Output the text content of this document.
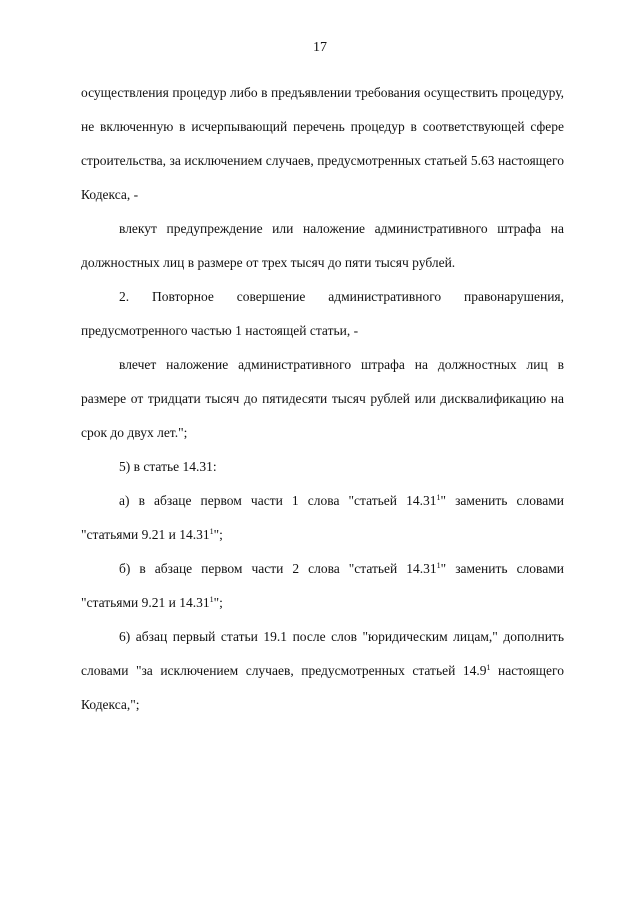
17

осуществления процедур либо в предъявлении требования осуществить процедуру, не включенную в исчерпывающий перечень процедур в соответствующей сфере строительства, за исключением случаев, предусмотренных статьей 5.63 настоящего Кодекса, -

влекут предупреждение или наложение административного штрафа на должностных лиц в размере от трех тысяч до пяти тысяч рублей.

2. Повторное совершение административного правонарушения, предусмотренного частью 1 настоящей статьи, -

влечет наложение административного штрафа на должностных лиц в размере от тридцати тысяч до пятидесяти тысяч рублей или дисквалификацию на срок до двух лет.";

5) в статье 14.31:

а) в абзаце первом части 1 слова "статьей 14.31$^1$" заменить словами "статьями 9.21 и 14.31$^1$";

б) в абзаце первом части 2 слова "статьей 14.31$^1$" заменить словами "статьями 9.21 и 14.31$^1$";

6) абзац первый статьи 19.1 после слов "юридическим лицам," дополнить словами "за исключением случаев, предусмотренных статьей 14.9$^1$ настоящего Кодекса,";
